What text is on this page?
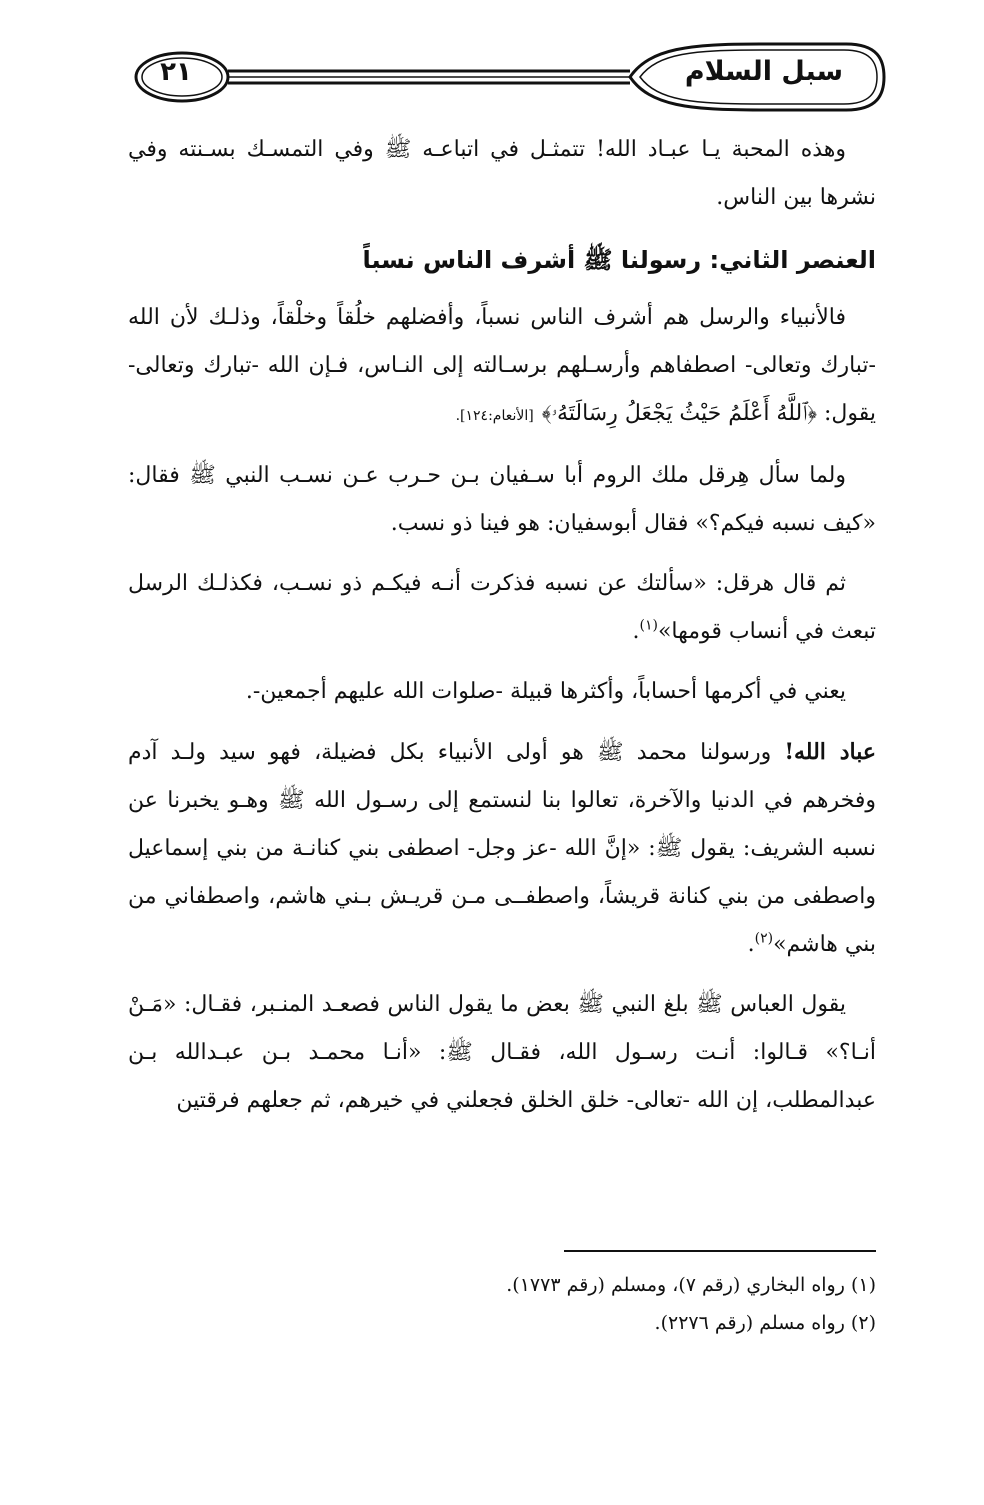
٢١	سبل السلام

وهذه المحبة يـا عبـاد الله! تتمثـل في اتباعـه ﷺ وفي التمسـك بسـنته وفي نشرها بين الناس.

العنصر الثاني: رسولنا ﷺ أشرف الناس نسباً

فالأنبياء والرسل هم أشرف الناس نسباً، وأفضلهم خلُقاً وخلْقاً، وذلـك لأن الله -تبارك وتعالى- اصطفاهم وأرسـلهم برسـالته إلى النـاس، فـإن الله -تبارك وتعالى- يقول: ﴿ٱللَّهُ أَعْلَمُ حَيْثُ يَجْعَلُ رِسَالَتَهُۥ﴾[الأنعام:١٢٤].

ولما سأل هِرقل ملك الروم أبا سـفيان بـن حـرب عـن نسـب النبي ﷺ فقال: «كيف نسبه فيكم؟» فقال أبوسفيان: هو فينا ذو نسب.

ثم قال هرقل: «سألتك عن نسبه فذكرت أنـه فيكـم ذو نسـب، فكذلـك الرسل تبعث في أنساب قومها»$^{(١)}$.

يعني في أكرمها أحساباً، وأكثرها قبيلة -صلوات الله عليهم أجمعين-.

عباد الله! ورسولنا محمد ﷺ هو أولى الأنبياء بكل فضيلة، فهو سيد ولـد آدم وفخرهم في الدنيا والآخرة، تعالوا بنا لنستمع إلى رسـول الله ﷺ وهـو يخبرنا عن نسبه الشريف: يقول ﷺ: «إنَّ الله -عز وجل- اصطفى بني كنانـة من بني إسماعيل واصطفى من بني كنانة قريشاً، واصطفــى مـن قريـش بـني هاشم، واصطفاني من بني هاشم»$^{(٢)}$.

يقول العباس ﷺ بلغ النبي ﷺ بعض ما يقول الناس فصعـد المنـبر، فقـال: «مَـنْ أنـا؟» قـالوا: أنـت رسـول الله، فقـال ﷺ: «أنـا محمـد بـن عبـدالله بـن عبدالمطلب، إن الله -تعالى- خلق الخلق فجعلني في خيرهم، ثم جعلهم فرقتين

(١) رواه البخاري (رقم ٧)، ومسلم (رقم ١٧٧٣).
(٢) رواه مسلم (رقم ٢٢٧٦).
